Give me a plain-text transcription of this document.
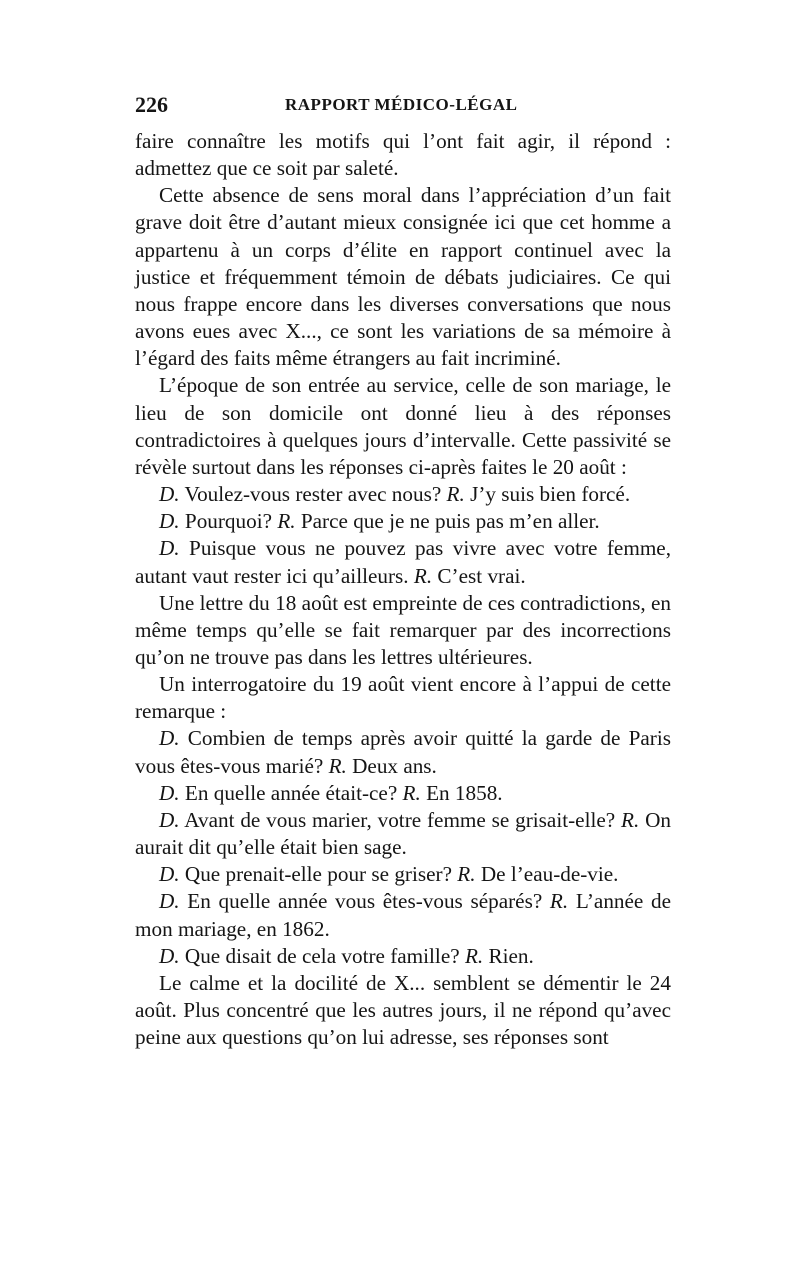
226	RAPPORT MÉDICO-LÉGAL

faire connaître les motifs qui l’ont fait agir, il répond : admettez que ce soit par saleté.

Cette absence de sens moral dans l’appréciation d’un fait grave doit être d’autant mieux consignée ici que cet homme a appartenu à un corps d’élite en rapport continuel avec la justice et fréquemment témoin de débats judiciaires. Ce qui nous frappe encore dans les diverses conversations que nous avons eues avec X..., ce sont les variations de sa mémoire à l’égard des faits même étrangers au fait incriminé.

L’époque de son entrée au service, celle de son mariage, le lieu de son domicile ont donné lieu à des réponses contradictoires à quelques jours d’intervalle. Cette passivité se révèle surtout dans les réponses ci-après faites le 20 août :

D. Voulez-vous rester avec nous? R. J’y suis bien forcé.

D. Pourquoi? R. Parce que je ne puis pas m’en aller.

D. Puisque vous ne pouvez pas vivre avec votre femme, autant vaut rester ici qu’ailleurs. R. C’est vrai.

Une lettre du 18 août est empreinte de ces contradictions, en même temps qu’elle se fait remarquer par des incorrections qu’on ne trouve pas dans les lettres ultérieures.

Un interrogatoire du 19 août vient encore à l’appui de cette remarque :

D. Combien de temps après avoir quitté la garde de Paris vous êtes-vous marié? R. Deux ans.

D. En quelle année était-ce? R. En 1858.

D. Avant de vous marier, votre femme se grisait-elle? R. On aurait dit qu’elle était bien sage.

D. Que prenait-elle pour se griser? R. De l’eau-de-vie.

D. En quelle année vous êtes-vous séparés? R. L’année de mon mariage, en 1862.

D. Que disait de cela votre famille? R. Rien.

Le calme et la docilité de X... semblent se démentir le 24 août. Plus concentré que les autres jours, il ne répond qu’avec peine aux questions qu’on lui adresse, ses réponses sont
